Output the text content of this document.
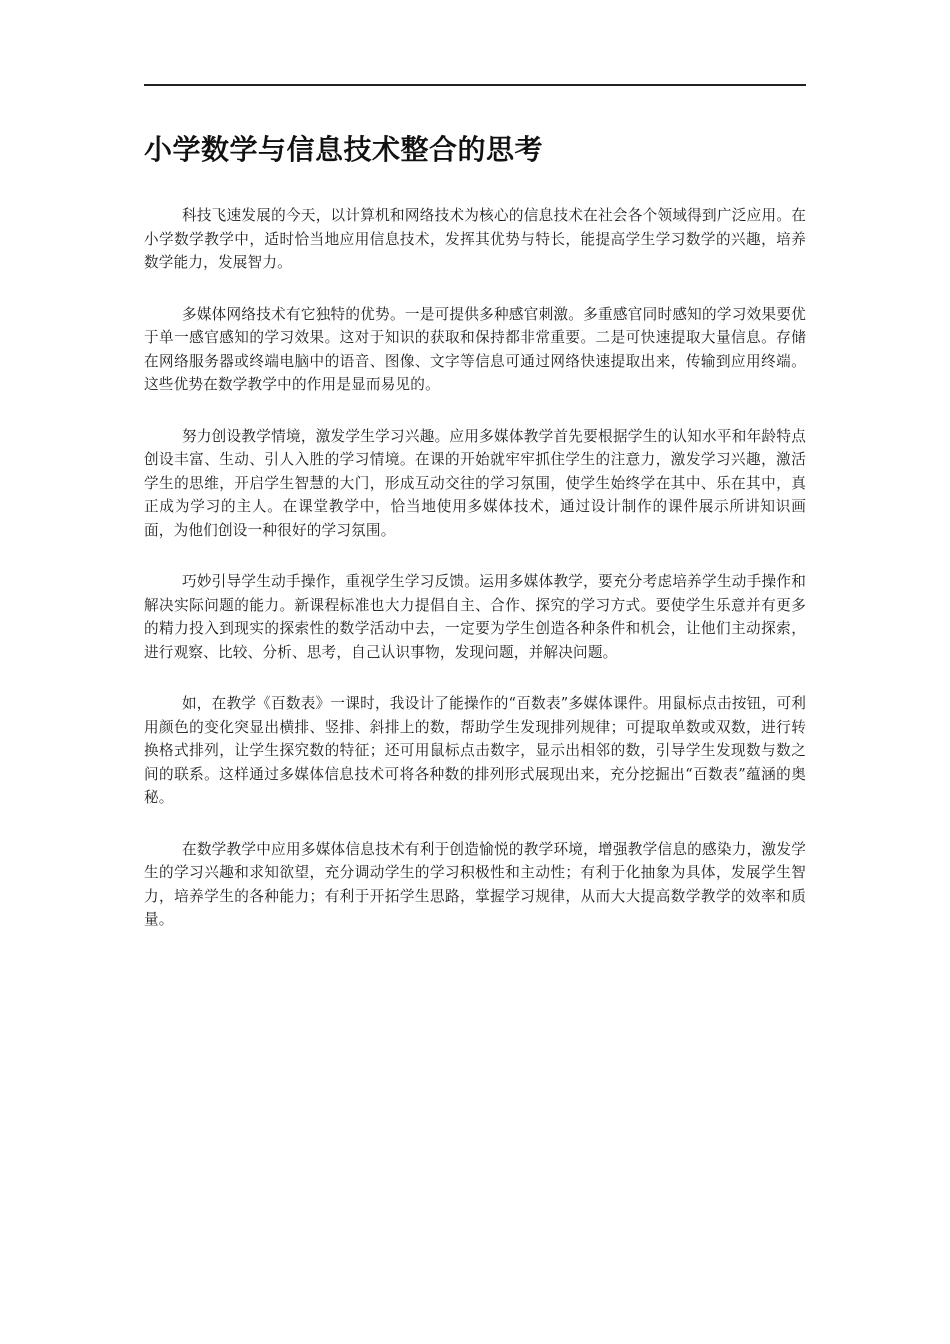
小学数学与信息技术整合的思考

科技飞速发展的今天，以计算机和网络技术为核心的信息技术在社会各个领域得到广泛应用。在小学数学教学中，适时恰当地应用信息技术，发挥其优势与特长，能提高学生学习数学的兴趣，培养数学能力，发展智力。

多媒体网络技术有它独特的优势。一是可提供多种感官刺激。多重感官同时感知的学习效果要优于单一感官感知的学习效果。这对于知识的获取和保持都非常重要。二是可快速提取大量信息。存储在网络服务器或终端电脑中的语音、图像、文字等信息可通过网络快速提取出来，传输到应用终端。这些优势在数学教学中的作用是显而易见的。

努力创设教学情境，激发学生学习兴趣。应用多媒体教学首先要根据学生的认知水平和年龄特点创设丰富、生动、引人入胜的学习情境。在课的开始就牢牢抓住学生的注意力，激发学习兴趣，激活学生的思维，开启学生智慧的大门，形成互动交往的学习氛围，使学生始终学在其中、乐在其中，真正成为学习的主人。在课堂教学中，恰当地使用多媒体技术，通过设计制作的课件展示所讲知识画面，为他们创设一种很好的学习氛围。

巧妙引导学生动手操作，重视学生学习反馈。运用多媒体教学，要充分考虑培养学生动手操作和解决实际问题的能力。新课程标准也大力提倡自主、合作、探究的学习方式。要使学生乐意并有更多的精力投入到现实的探索性的数学活动中去，一定要为学生创造各种条件和机会，让他们主动探索，进行观察、比较、分析、思考，自己认识事物，发现问题，并解决问题。

如，在教学《百数表》一课时，我设计了能操作的“百数表”多媒体课件。用鼠标点击按钮，可利用颜色的变化突显出横排、竖排、斜排上的数，帮助学生发现排列规律；可提取单数或双数，进行转换格式排列，让学生探究数的特征；还可用鼠标点击数字，显示出相邻的数，引导学生发现数与数之间的联系。这样通过多媒体信息技术可将各种数的排列形式展现出来，充分挖掘出“百数表”蕴涵的奥秘。

在数学教学中应用多媒体信息技术有利于创造愉悦的教学环境，增强教学信息的感染力，激发学生的学习兴趣和求知欲望，充分调动学生的学习积极性和主动性；有利于化抽象为具体，发展学生智力，培养学生的各种能力；有利于开拓学生思路，掌握学习规律，从而大大提高数学教学的效率和质量。
